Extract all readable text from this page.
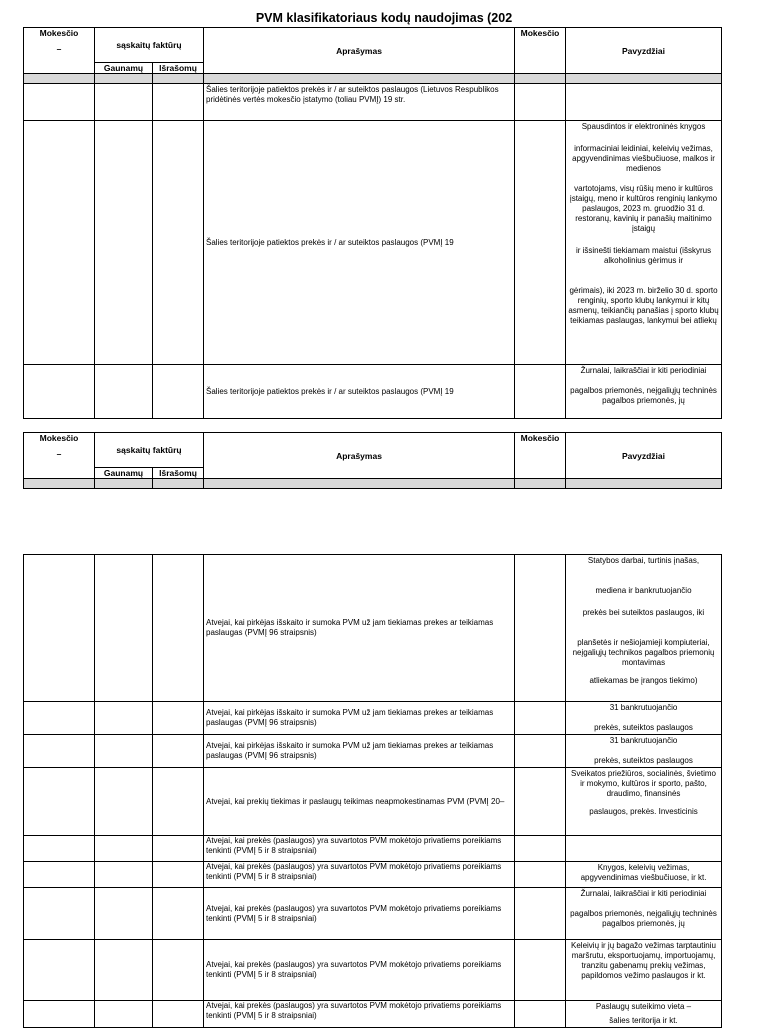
PVM klasifikatoriaus kodų naudojimas (202
Mokesčio
–	sąskaitų faktūrų		Aprašymas	Mokesčio	Pavyzdžiai
	Gaunamų	Išrašomų			

			Šalies teritorijoje patiektos prekės ir / ar suteiktos paslaugos (Lietuvos Respublikos pridėtinės vertės mokesčio įstatymo (toliau PVMĮ) 19 str.		
			Šalies teritorijoje patiektos prekės ir / ar suteiktos paslaugos (PVMĮ 19		Spausdintos ir elektroninės knygos

informaciniai leidiniai, keleivių vežimas, apgyvendinimas viešbučiuose, malkos ir medienos

vartotojams, visų rūšių meno ir kultūros įstaigų, meno ir kultūros renginių lankymo paslaugos, 2023 m. gruodžio 31 d. restoranų, kavinių ir panašių maitinimo įstaigų

ir išsinešti tiekiamam maistui (išskyrus alkoholinius gėrimus ir

gėrimais), iki 2023 m. birželio 30 d. sporto renginių, sporto klubų lankymui ir kitų asmenų, teikiančių panašias į sporto klubų teikiamas paslaugas, lankymui bei atliekų

			Šalies teritorijoje patiektos prekės ir / ar suteiktos paslaugos (PVMĮ 19		Žurnalai, laikraščiai ir kiti periodiniai

pagalbos priemonės, neįgaliųjų techninės pagalbos priemonės, jų

Mokesčio
–	sąskaitų faktūrų		Aprašymas	Mokesčio	Pavyzdžiai
	Gaunamų	Išrašomų			

			Atvejai, kai pirkėjas išskaito ir sumoka PVM už jam tiekiamas prekes ar teikiamas paslaugas (PVMĮ 96 straipsnis)		Statybos darbai, turtinis įnašas,

mediena ir bankrutuojančio

prekės bei suteiktos paslaugos, iki

planšetės ir nešiojamieji kompiuteriai, neįgaliųjų technikos pagalbos priemonių montavimas

atliekamas be įrangos tiekimo)

			Atvejai, kai pirkėjas išskaito ir sumoka PVM už jam tiekiamas prekes ar teikiamas paslaugas (PVMĮ 96 straipsnis)		31 bankrutuojančio

prekės, suteiktos paslaugos

			Atvejai, kai pirkėjas išskaito ir sumoka PVM už jam tiekiamas prekes ar teikiamas paslaugas (PVMĮ 96 straipsnis)		31 bankrutuojančio

prekės, suteiktos paslaugos

			Atvejai, kai prekių tiekimas ir paslaugų teikimas neapmokestinamas PVM (PVMĮ 20–		Sveikatos priežiūros, socialinės, švietimo ir mokymo, kultūros ir sporto, pašto, draudimo, finansinės

paslaugos, prekės. Investicinis

			Atvejai, kai prekės (paslaugos) yra suvartotos PVM mokėtojo privatiems poreikiams tenkinti (PVMĮ 5 ir 8 straipsniai)		
			Atvejai, kai prekės (paslaugos) yra suvartotos PVM mokėtojo privatiems poreikiams tenkinti (PVMĮ 5 ir 8 straipsniai)		Knygos, keleivių vežimas, apgyvendinimas viešbučiuose, ir kt.

			Atvejai, kai prekės (paslaugos) yra suvartotos PVM mokėtojo privatiems poreikiams tenkinti (PVMĮ 5 ir 8 straipsniai)		Žurnalai, laikraščiai ir kiti periodiniai

pagalbos priemonės, neįgaliųjų techninės pagalbos priemonės, jų

			Atvejai, kai prekės (paslaugos) yra suvartotos PVM mokėtojo privatiems poreikiams tenkinti (PVMĮ 5 ir 8 straipsniai)		Keleivių ir jų bagažo vežimas tarptautiniu maršrutu, eksportuojamų, importuojamų, tranzitu gabenamų prekių vežimas, papildomos vežimo paslaugos ir kt.

			Atvejai, kai prekės (paslaugos) yra suvartotos PVM mokėtojo privatiems poreikiams tenkinti (PVMĮ 5 ir 8 straipsniai)		Paslaugų suteikimo vieta –

šalies teritorija ir kt.
